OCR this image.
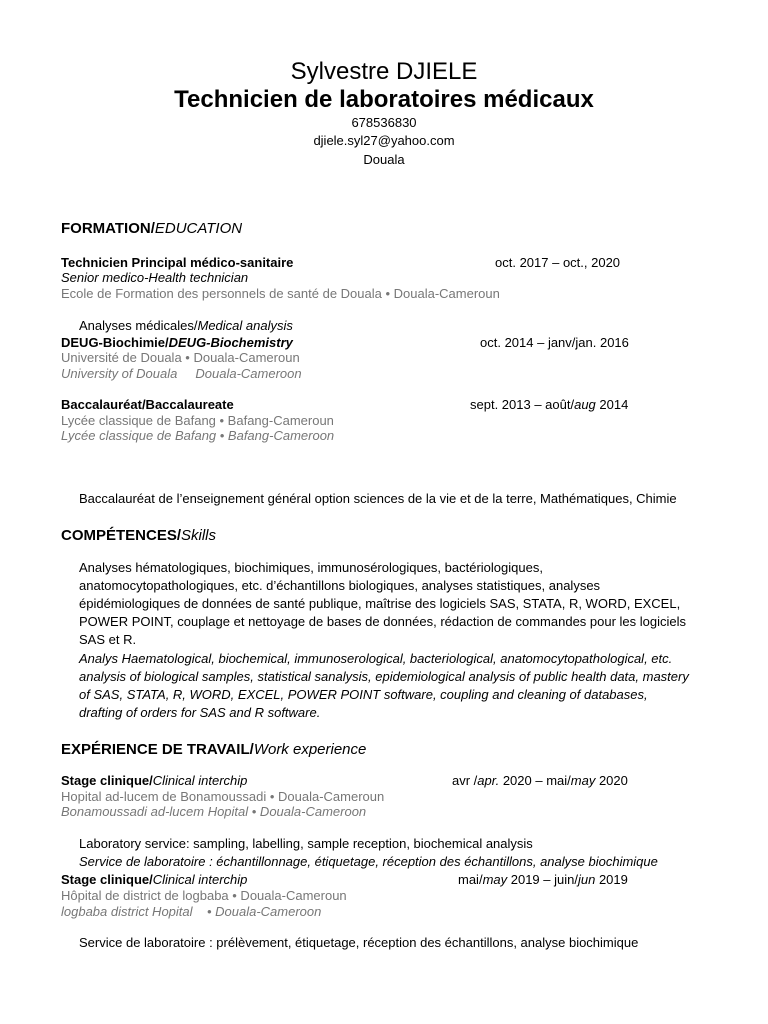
Sylvestre DJIELE
Technicien de laboratoires médicaux
678536830
djiele.syl27@yahoo.com
Douala
FORMATION/EDUCATION
Technicien Principal médico-sanitaire	oct. 2017 – oct., 2020
Senior medico-Health technician
Ecole de Formation des personnels de santé de Douala • Douala-Cameroun
Analyses médicales/Medical analysis
DEUG-Biochimie/DEUG-Biochemistry	oct. 2014 – janv/jan. 2016
Université de Douala • Douala-Cameroun
University of Douala     Douala-Cameroon
Baccalauréat/Baccalaureate	sept. 2013 – août/aug 2014
Lycée classique de Bafang • Bafang-Cameroun
Lycée classique de Bafang • Bafang-Cameroon
Baccalauréat de l’enseignement général option sciences de la vie et de la terre, Mathématiques, Chimie
COMPÉTENCES/Skills
Analyses hématologiques, biochimiques, immunosérologiques, bactériologiques,
anatomocytopathologiques, etc. d’échantillons biologiques, analyses statistiques, analyses
épidémiologiques de données de santé publique, maîtrise des logiciels SAS, STATA, R, WORD, EXCEL,
POWER POINT, couplage et nettoyage de bases de données, rédaction de commandes pour les logiciels
SAS et R.
Analys Haematological, biochemical, immunoserological, bacteriological, anatomocytopathological, etc.
analysis of biological samples, statistical sanalysis, epidemiological analysis of public health data, mastery
of SAS, STATA, R, WORD, EXCEL, POWER POINT software, coupling and cleaning of databases,
drafting of orders for SAS and R software.
EXPÉRIENCE DE TRAVAIL/Work experience
Stage clinique/Clinical interchip	avr /apr. 2020 – mai/may 2020
Hopital ad-lucem de Bonamoussadi • Douala-Cameroun
Bonamoussadi ad-lucem Hopital • Douala-Cameroon
Laboratory service: sampling, labelling, sample reception, biochemical analysis
Service de laboratoire : échantillonnage, étiquetage, réception des échantillons, analyse biochimique
Stage clinique/Clinical interchip	mai/may 2019 – juin/jun 2019
Hôpital de district de logbaba • Douala-Cameroun
logbaba district Hopital    • Douala-Cameroon
Service de laboratoire : prélèvement, étiquetage, réception des échantillons, analyse biochimique
